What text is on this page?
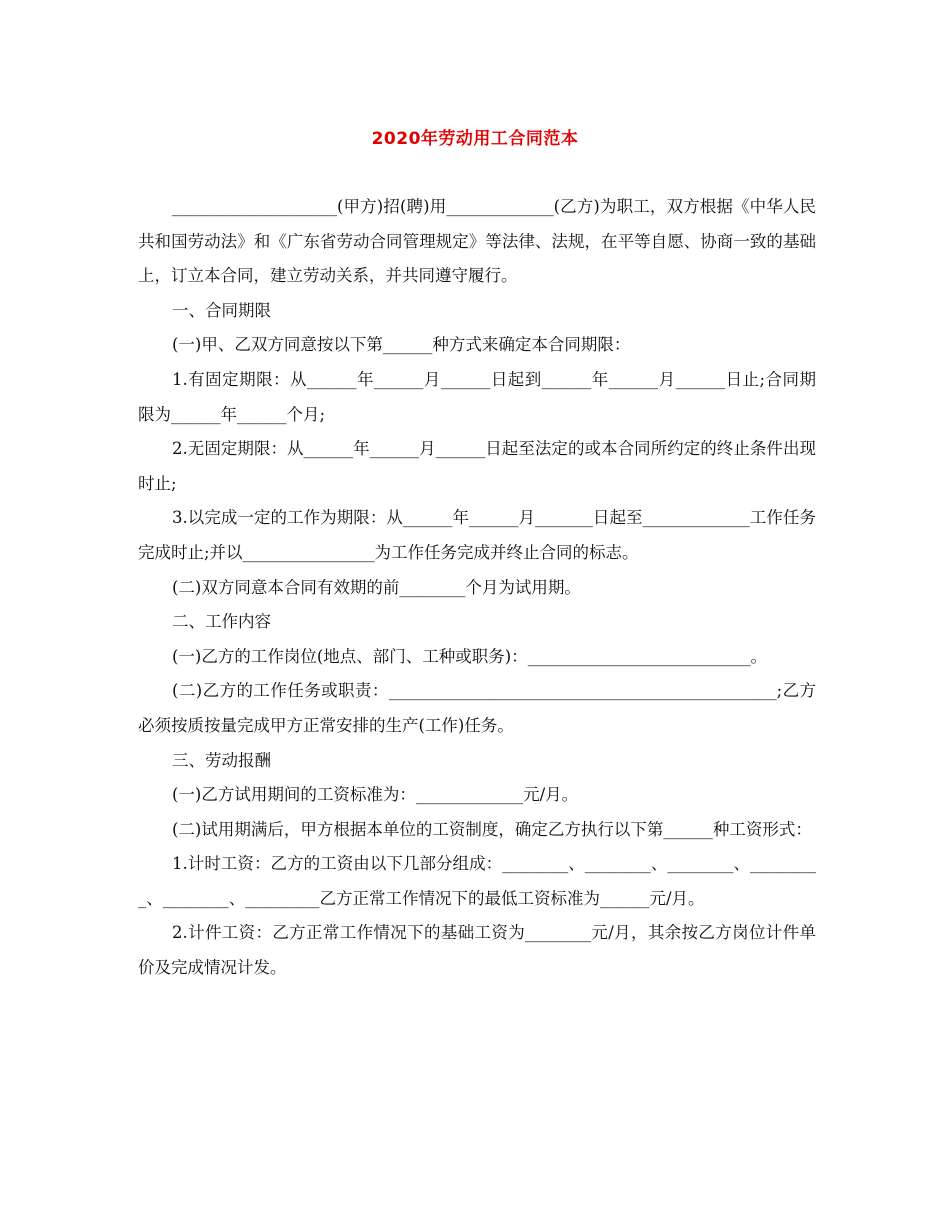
2020年劳动用工合同范本

____________________(甲方)招(聘)用_____________(乙方)为职工，双方根据《中华人民共和国劳动法》和《广东省劳动合同管理规定》等法律、法规，在平等自愿、协商一致的基础上，订立本合同，建立劳动关系，并共同遵守履行。

一、合同期限

(一)甲、乙双方同意按以下第______种方式来确定本合同期限：

1.有固定期限：从______年______月______日起到______年______月______日止;合同期限为______年______个月;

2.无固定期限：从______年______月______日起至法定的或本合同所约定的终止条件出现时止;

3.以完成一定的工作为期限：从______年______月_______日起至_____________工作任务完成时止;并以________________为工作任务完成并终止合同的标志。

(二)双方同意本合同有效期的前________个月为试用期。

二、工作内容

(一)乙方的工作岗位(地点、部门、工种或职务)：___________________________。

(二)乙方的工作任务或职责：_______________________________________________;乙方必须按质按量完成甲方正常安排的生产(工作)任务。

三、劳动报酬

(一)乙方试用期间的工资标准为：_____________元/月。

(二)试用期满后，甲方根据本单位的工资制度，确定乙方执行以下第______种工资形式：

1.计时工资：乙方的工资由以下几部分组成：________、________、________、_________、________、_________乙方正常工作情况下的最低工资标准为______元/月。

2.计件工资：乙方正常工作情况下的基础工资为________元/月，其余按乙方岗位计件单价及完成情况计发。
